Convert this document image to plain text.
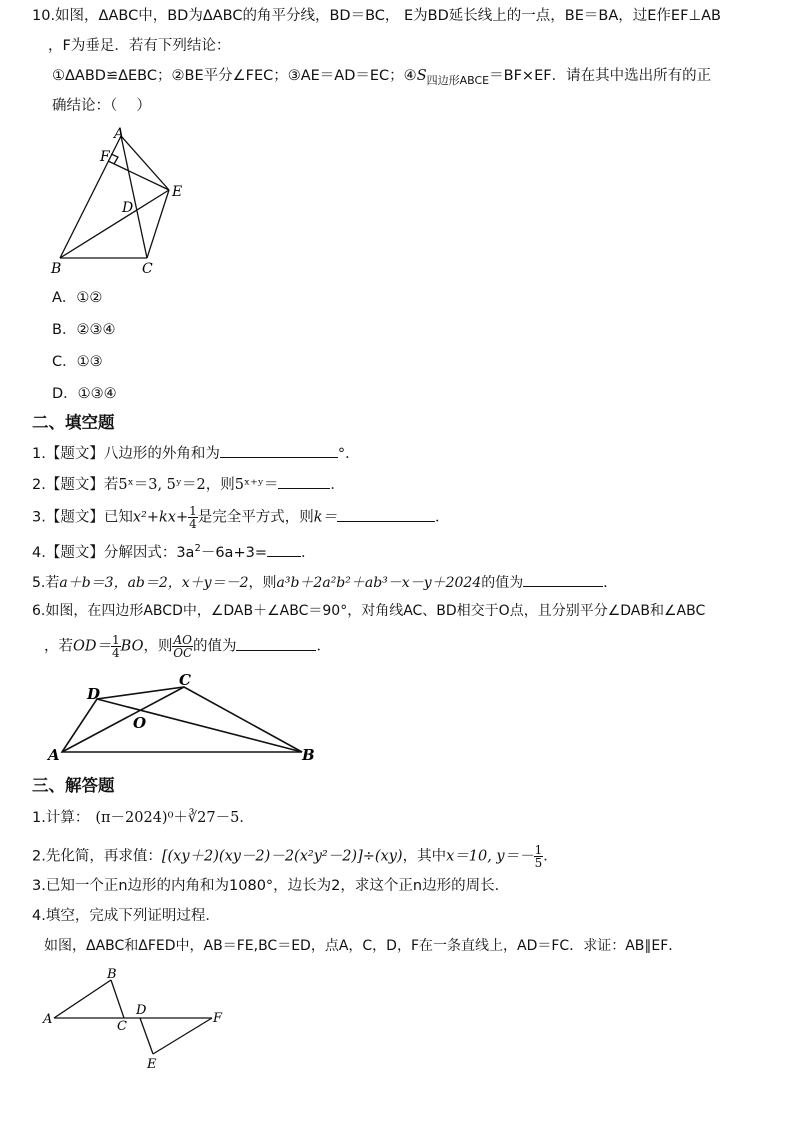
10.如图，ΔABC中，BD为ΔABC的角平分线，BD＝BC， E为BD延长线上的一点，BE＝BA，过E作EF⊥AB
，F为垂足．若有下列结论：
①ΔABD≌ΔEBC；②BE平分∠FEC；③AE＝AD＝EC；$④S_{四边形ABCE}=BF\times EF$．请在其中选出所有的正
确结论：（　 ）
A
F
E
D
B	C
A．①②
B．②③④
C．①③
D．①③④
二、填空题
1.【题文】八边形的外角和为	°．
2.【题文】若5ˣ＝3, 5ʸ＝2，则5ˣ⁺ʸ＝	．
3.【题文】已知$x^2+kx+ \frac{1}{4}$ 是完全平方式，则k＝	．
4.【题文】分解因式：$3a^2-6a+3=$ ．
5.若a＋b＝3，ab＝2，x＋y＝－2，则a³b＋2a²b²＋ab³－x－y＋2024的值为	．
6.如图，在四边形ABCD中，∠DAB＋∠ABC＝90°，对角线AC、BD相交于O点，且分别平分∠DAB和∠ABC
，若$OD= \frac{1}{4}$ BO，则 $\frac{AO}{OC}$ 的值为	．
D
C
O
A	B
三、解答题
1.计算： (π－2024)⁰＋∛27－5．
2.先化简，再求值：[(xy＋2)(xy－2)－2(x²y²－2)]÷(xy)，其中x＝10, $y=- \frac{1}{5}$ ．
3.已知一个正n边形的内角和为1080°，边长为2，求这个正n边形的周长．
4.填空，完成下列证明过程．
如图，ΔABC和ΔFED中，AB＝FE,BC＝ED，点A，C，D，F在一条直线上，AD＝FC．求证：AB∥EF．
B
A	C
D
F
E
